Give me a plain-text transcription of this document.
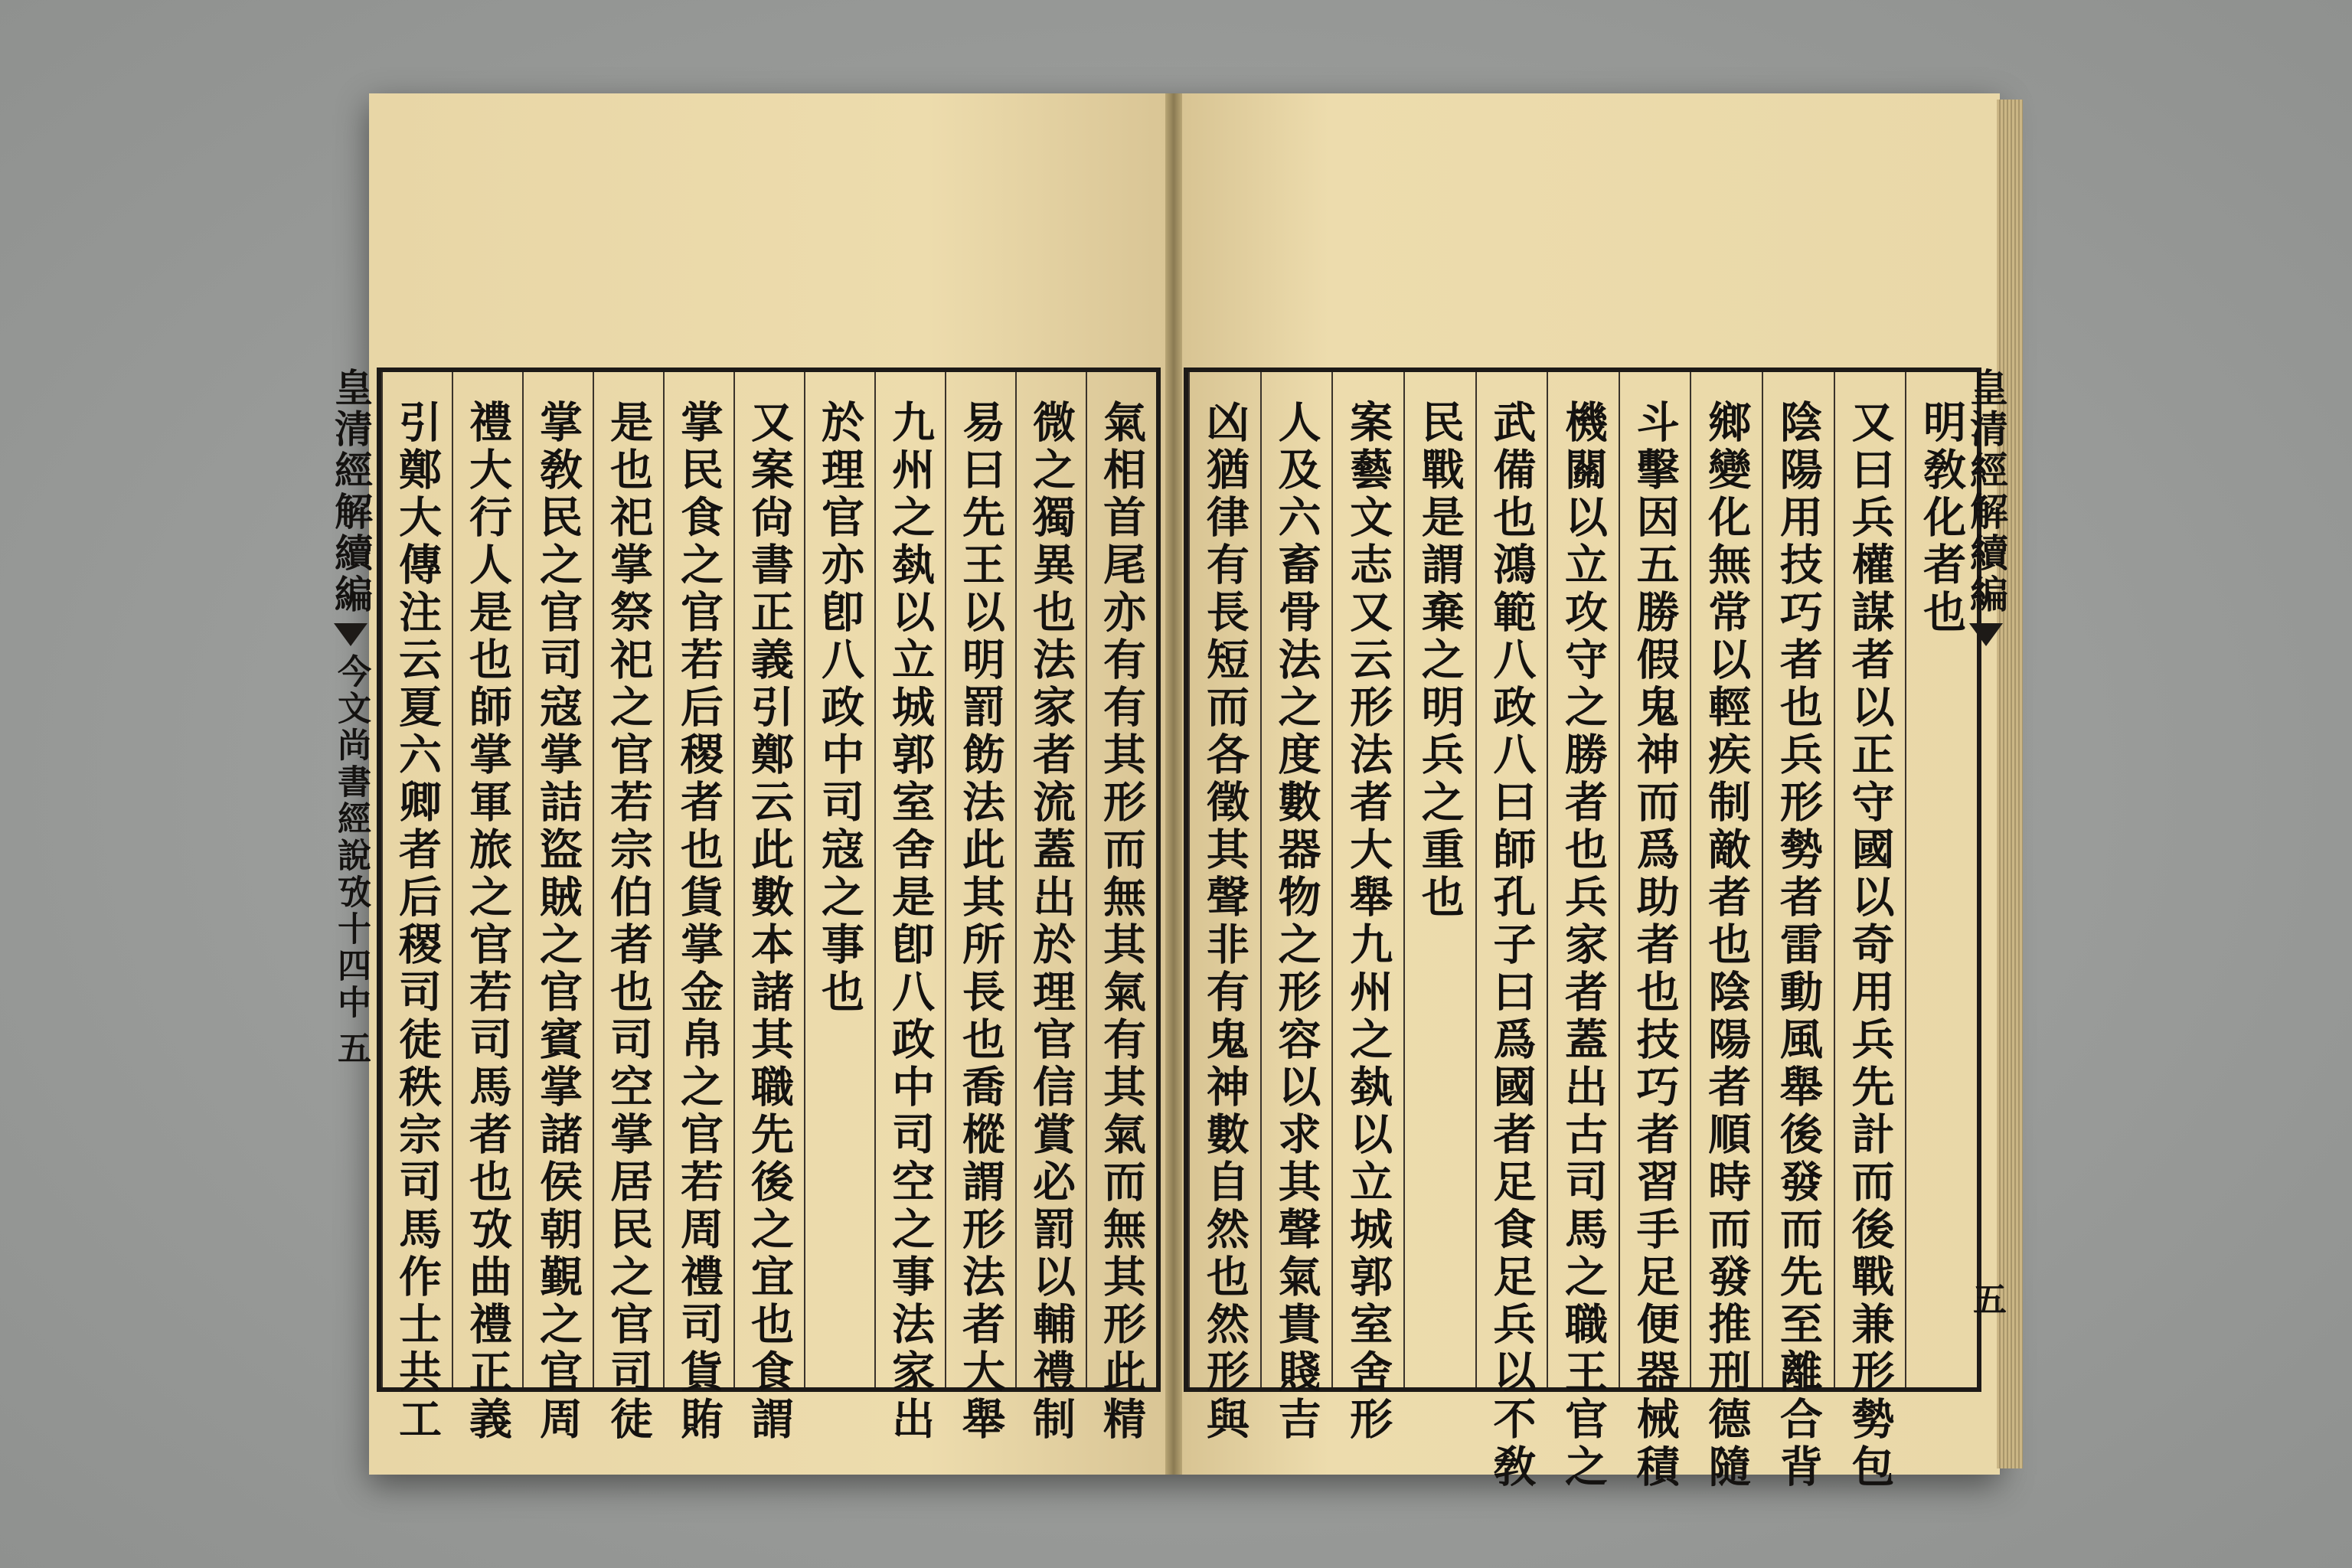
氣相首尾亦有有其形而無其氣有其氣而無其形此精
微之獨異也法家者流蓋出於理官信賞必罰以輔禮制
易曰先王以明罰飭法此其所長也喬樅謂形法者大舉
九州之埶以立城郭室舍是卽八政中司空之事法家出
於理官亦卽八政中司寇之事也
又案尙書正義引鄭云此數本諸其職先後之宜也食謂
掌民食之官若后稷者也貨掌金帛之官若周禮司貨賄
是也祀掌祭祀之官若宗伯者也司空掌居民之官司徒
掌敎民之官司寇掌詰盜賊之官賓掌諸侯朝覲之官周
禮大行人是也師掌軍旅之官若司馬者也攷曲禮正義
引鄭大傳注云夏六卿者后稷司徒秩宗司馬作士共工
皇清經解續編
今文尚書經說攷十四中
五
明敎化者也
又曰兵權謀者以正守國以奇用兵先計而後戰兼形勢包
陰陽用技巧者也兵形勢者雷動風舉後發而先至離合背
鄉變化無常以輕疾制敵者也陰陽者順時而發推刑德隨
斗擊因五勝假鬼神而爲助者也技巧者習手足便器械積
機關以立攻守之勝者也兵家者蓋出古司馬之職王官之
武備也鴻範八政八曰師孔子曰爲國者足食足兵以不敎
民戰是謂棄之明兵之重也
案藝文志又云形法者大舉九州之埶以立城郭室舍形
人及六畜骨法之度數器物之形容以求其聲氣貴賤吉
凶猶律有長短而各徵其聲非有鬼神數自然也然形與	皇清經解續編
五
